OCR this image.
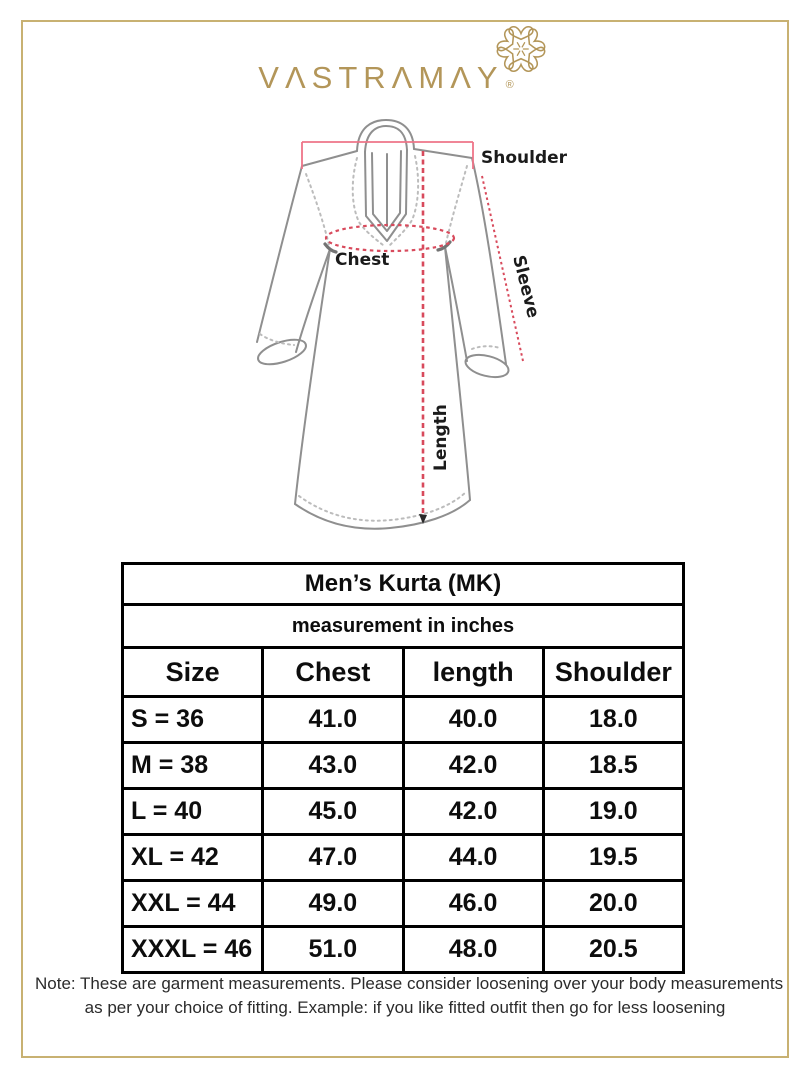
VΛSTRΛMΛY ®
Shoulder
Chest	Sleeve
Length
Men’s Kurta (MK)			
measurement in inches			
Size	Chest	length	Shoulder
S = 36	41.0	40.0	18.0
M = 38	43.0	42.0	18.5
L = 40	45.0	42.0	19.0
XL = 42	47.0	44.0	19.5
XXL = 44	49.0	46.0	20.0
XXXL = 46	51.0	48.0	20.5
Note: These are garment measurements. Please consider loosening over your body measurements
as per your choice of fitting. Example: if you like fitted outfit then go for less loosening
